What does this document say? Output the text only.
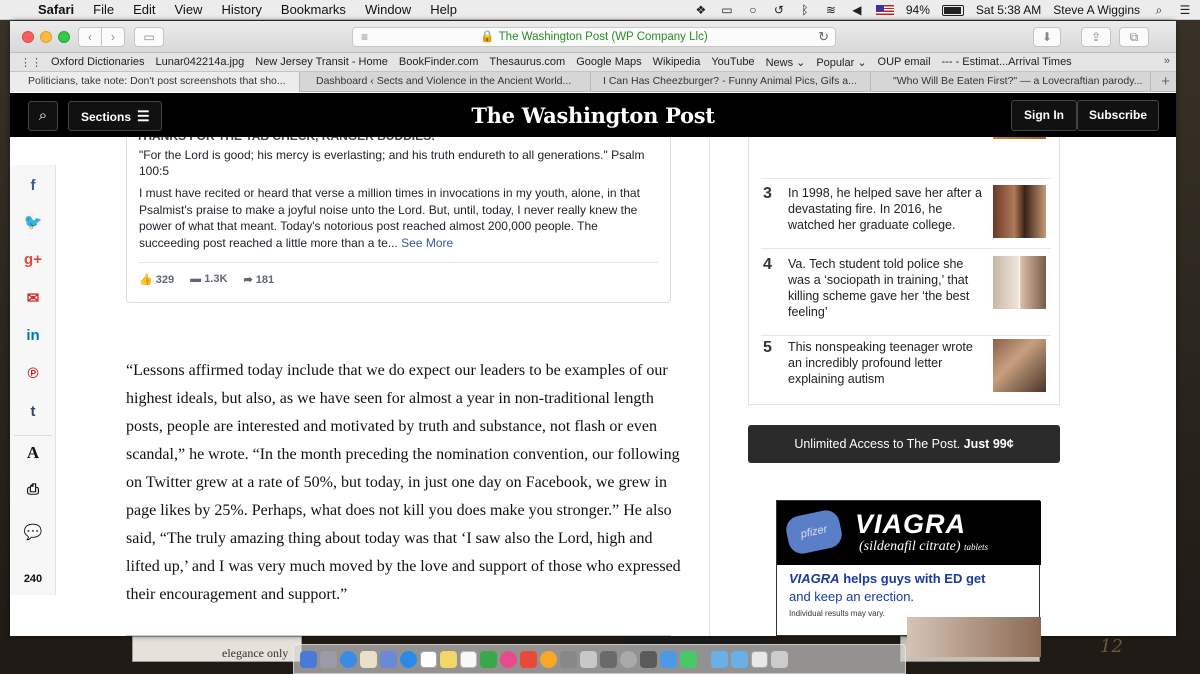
elegance only	12
Safari File Edit View History Bookmarks Window Help	❖ ▭ ○ ↺ ᛒ ≋ ◀	94%	Sat 5:38 AM Steve A Wiggins	⌕	☰
‹	›	▭	≡	🔒 The Washington Post (WP Company Llc)	↻	⬇	⇪	⧉
⋮⋮ Oxford Dictionaries Lunar042214a.jpg New Jersey Transit - Home BookFinder.com Thesaurus.com Google Maps Wikipedia YouTube News ⌄ Popular ⌄ OUP email --- - Estimat...Arrival Times	»
Politicians, take note: Don't post screenshots that sho...	Dashboard ‹ Sects and Violence in the Ancient World...	I Can Has Cheezburger? - Funny Animal Pics, Gifs a...	"Who Will Be Eaten First?" — a Lovecraftian parody...	+
⌕	Sections ☰	The Washington Post	Sign In	Subscribe
f
🐦
g+
✉
in
℗
t
A
⎙
💬
240
"For the Lord is good; his mercy is everlasting; and his truth endureth to all generations." Psalm 100:5
I must have recited or heard that verse a million times in invocations in my youth, alone, in that Psalmist's praise to make a joyful noise unto the Lord. But, until, today, I never really knew the power of what that meant. Today's notorious post reached almost 200,000 people. The succeeding post reached a little more than a te... See More
👍 329 ▬ 1.3K ➦ 181
“Lessons affirmed today include that we do expect our leaders to be examples of our highest ideals, but also, as we have seen for almost a year in non-traditional length posts, people are interested and motivated by truth and substance, not flash or even scandal,” he wrote. “In the month preceding the nomination convention, our following on Twitter grew at a rate of 50%, but today, in just one day on Facebook, we grew in page likes by 25%. Perhaps, what does not kill you does make you stronger.” He also said, “The truly amazing thing about today was that ‘I saw also the Lord, high and lifted up,’ and I was very much moved by the love and support of those who expressed their encouragement and support.”
3 In 1998, he helped save her after a devastating fire. In 2016, he watched her graduate college.
4 Va. Tech student told police she was a ‘sociopath in training,’ that killing scheme gave her ‘the best feeling’
5 This nonspeaking teenager wrote an incredibly profound letter explaining autism
Unlimited Access to The Post. Just 99¢
pfizer VIAGRA
(sildenafil citrate) tablets
VIAGRA helps guys with ED get
and keep an erection.
Individual results may vary.
